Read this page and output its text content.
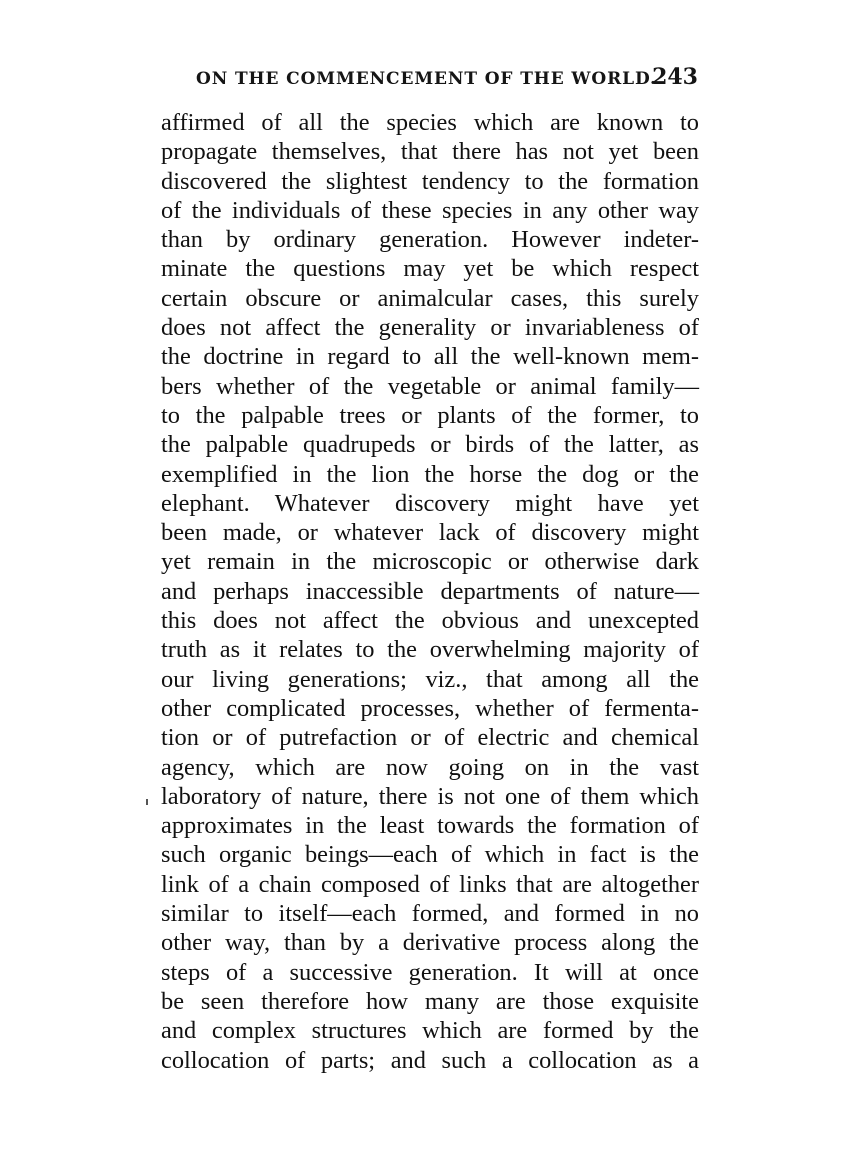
ON THE COMMENCEMENT OF THE WORLD.
243
affirmed of all the species which are known to
propagate themselves, that there has not yet been
discovered the slightest tendency to the formation
of the individuals of these species in any other way
than by ordinary generation. However indeter-
minate the questions may yet be which respect
certain obscure or animalcular cases, this surely
does not affect the generality or invariableness of
the doctrine in regard to all the well-known mem-
bers whether of the vegetable or animal family—
to the palpable trees or plants of the former, to
the palpable quadrupeds or birds of the latter, as
exemplified in the lion the horse the dog or the
elephant. Whatever discovery might have yet
been made, or whatever lack of discovery might
yet remain in the microscopic or otherwise dark
and perhaps inaccessible departments of nature—
this does not affect the obvious and unexcepted
truth as it relates to the overwhelming majority of
our living generations; viz., that among all the
other complicated processes, whether of fermenta-
tion or of putrefaction or of electric and chemical
agency, which are now going on in the vast
laboratory of nature, there is not one of them which
approximates in the least towards the formation of
such organic beings—each of which in fact is the
link of a chain composed of links that are altogether
similar to itself—each formed, and formed in no
other way, than by a derivative process along the
steps of a successive generation. It will at once
be seen therefore how many are those exquisite
and complex structures which are formed by the
collocation of parts; and such a collocation as a
